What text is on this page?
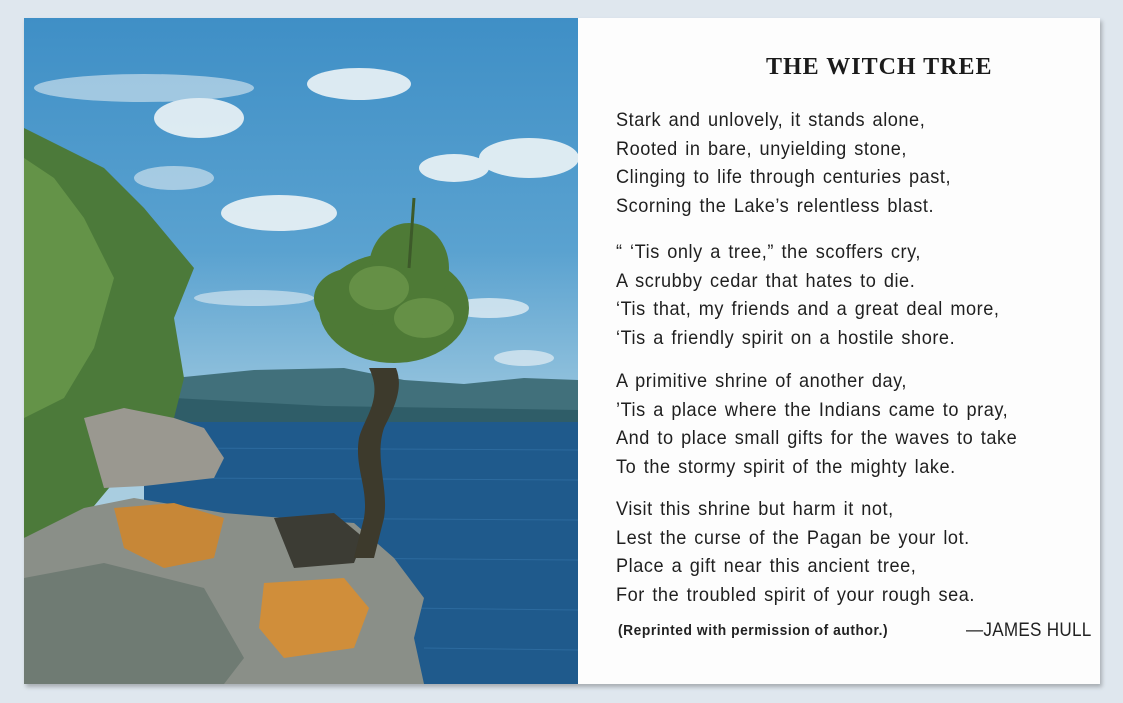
THE WITCH TREE
Stark and unlovely, it stands alone,
Rooted in bare, unyielding stone,
Clinging to life through centuries past,
Scorning the Lake’s relentless blast.
“ ‘Tis only a tree,” the scoffers cry,
A scrubby cedar that hates to die.
‘Tis that, my friends and a great deal more,
‘Tis a friendly spirit on a hostile shore.
A primitive shrine of another day,
’Tis a place where the Indians came to pray,
And to place small gifts for the waves to take
To the stormy spirit of the mighty lake.
Visit this shrine but harm it not,
Lest the curse of the Pagan be your lot.
Place a gift near this ancient tree,
For the troubled spirit of your rough sea.
(Reprinted with permission of author.)	—JAMES HULL
